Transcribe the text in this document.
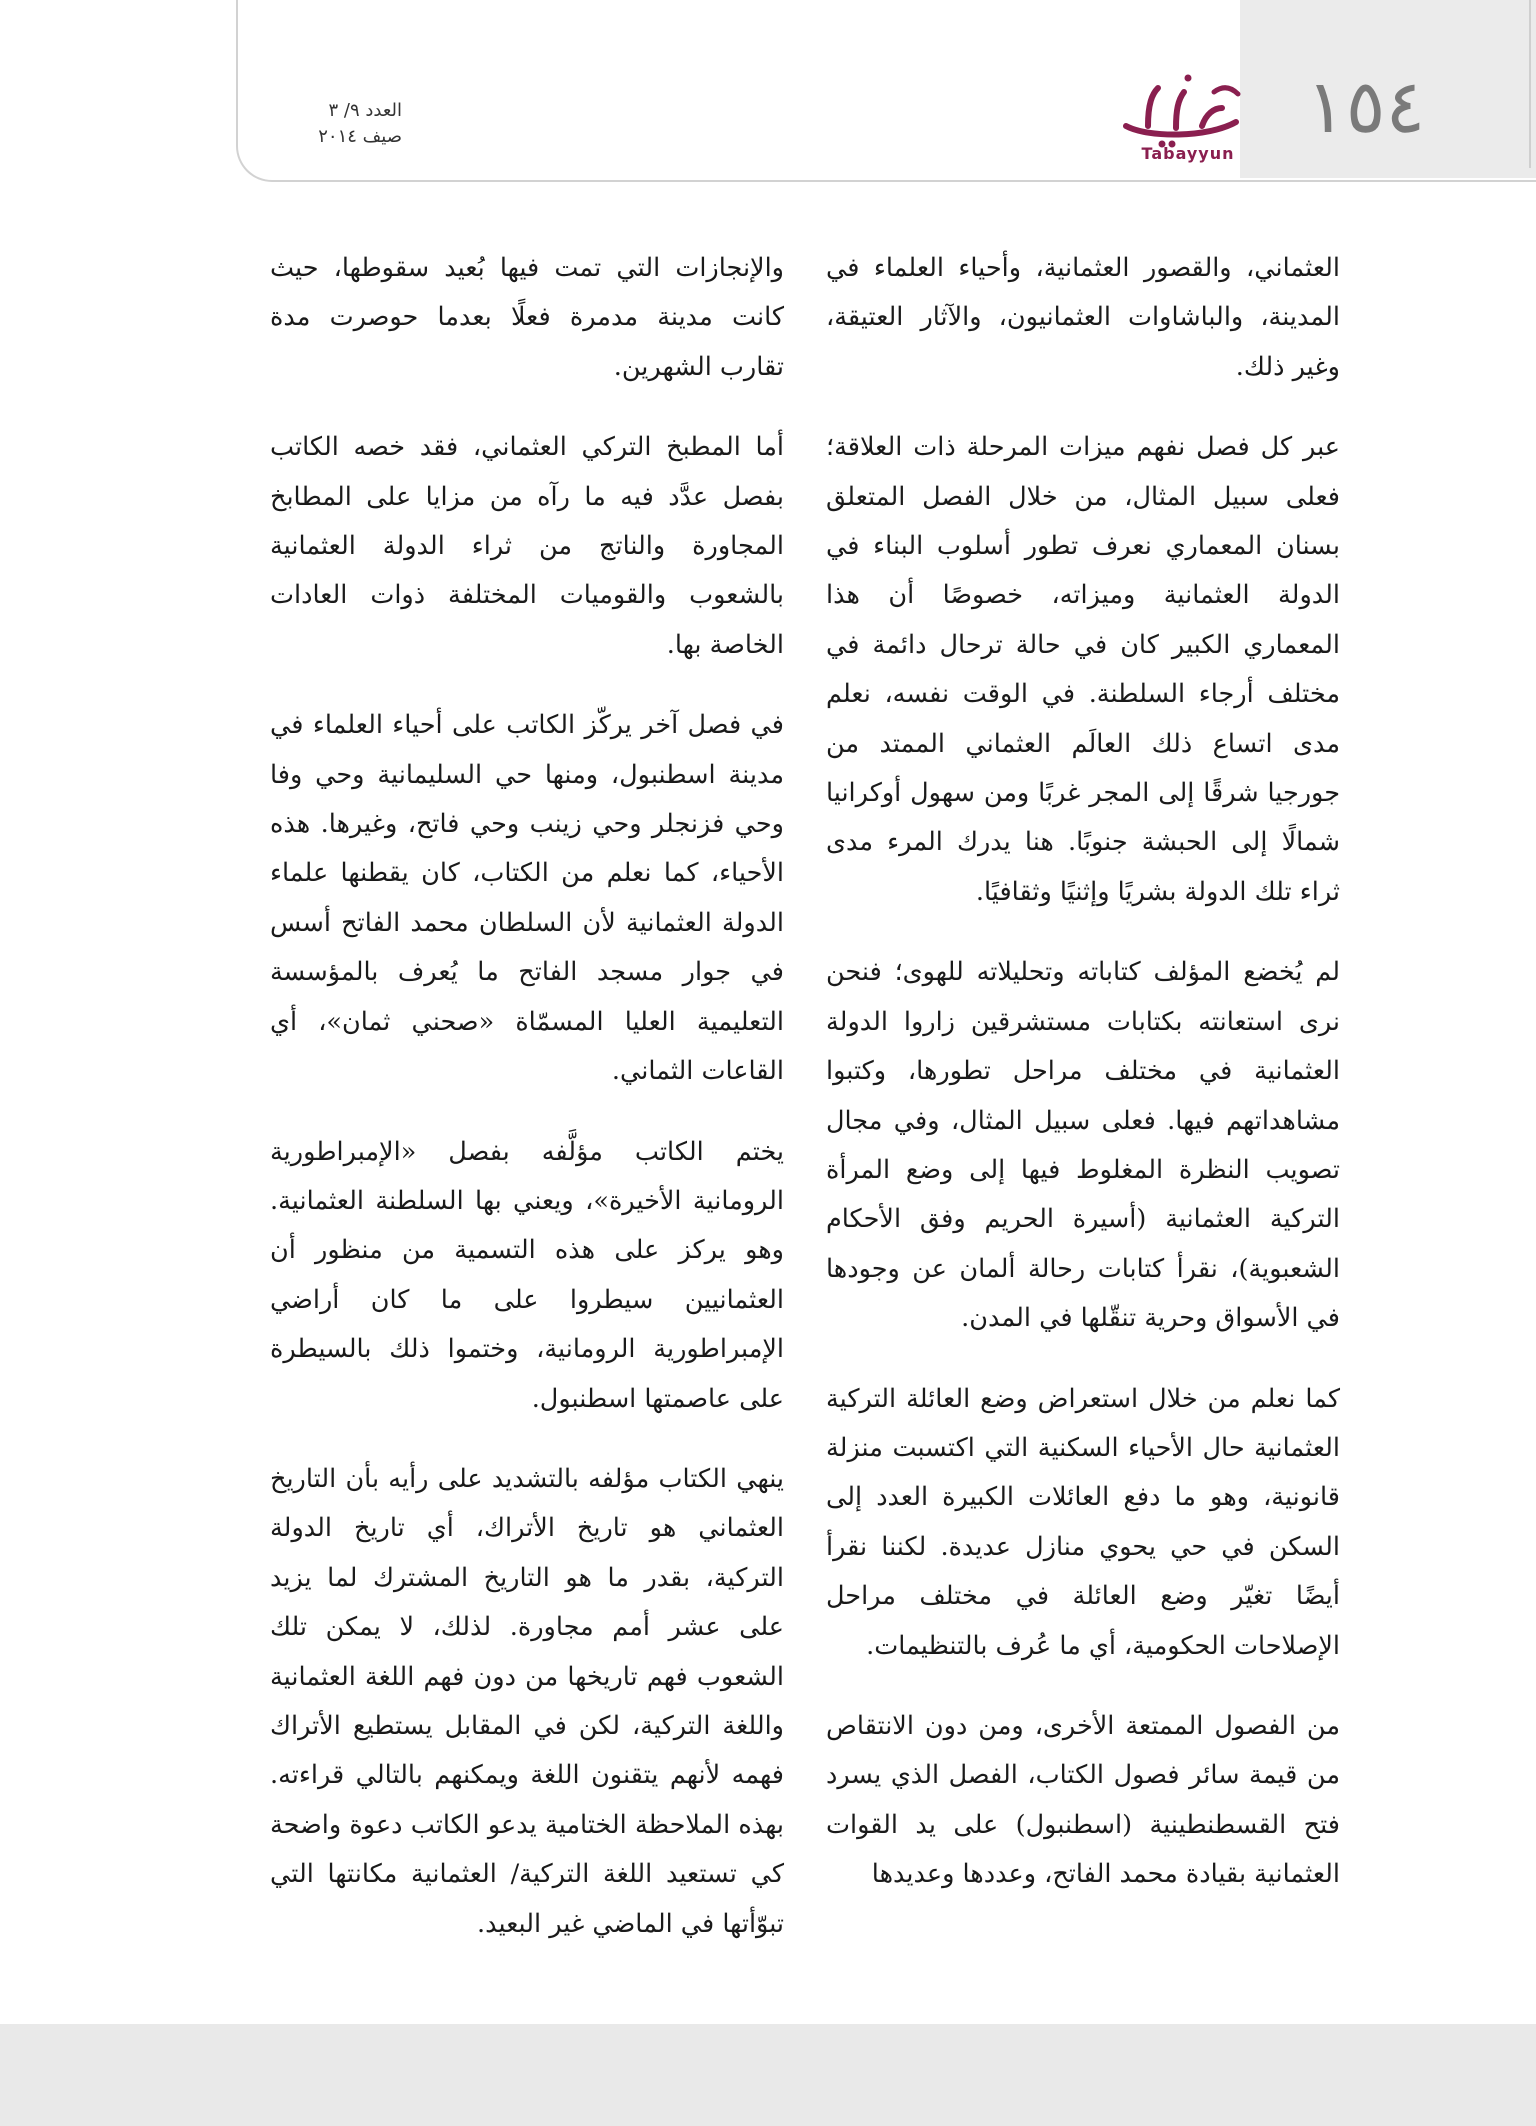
١٥٤
Tabayyun
العدد ٩/ ٣
صيف ٢٠١٤

العثماني، والقصور العثمانية، وأحياء العلماء في المدينة، والباشاوات العثمانيون، والآثار العتيقة، وغير ذلك.

عبر كل فصل نفهم ميزات المرحلة ذات العلاقة؛ فعلى سبيل المثال، من خلال الفصل المتعلق بسنان المعماري نعرف تطور أسلوب البناء في الدولة العثمانية وميزاته، خصوصًا أن هذا المعماري الكبير كان في حالة ترحال دائمة في مختلف أرجاء السلطنة. في الوقت نفسه، نعلم مدى اتساع ذلك العالَم العثماني الممتد من جورجيا شرقًا إلى المجر غربًا ومن سهول أوكرانيا شمالًا إلى الحبشة جنوبًا. هنا يدرك المرء مدى ثراء تلك الدولة بشريًا وإثنيًا وثقافيًا.

لم يُخضع المؤلف كتاباته وتحليلاته للهوى؛ فنحن نرى استعانته بكتابات مستشرقين زاروا الدولة العثمانية في مختلف مراحل تطورها، وكتبوا مشاهداتهم فيها. فعلى سبيل المثال، وفي مجال تصويب النظرة المغلوط فيها إلى وضع المرأة التركية العثمانية (أسيرة الحريم وفق الأحكام الشعبوية)، نقرأ كتابات رحالة ألمان عن وجودها في الأسواق وحرية تنقّلها في المدن.

كما نعلم من خلال استعراض وضع العائلة التركية العثمانية حال الأحياء السكنية التي اكتسبت منزلة قانونية، وهو ما دفع العائلات الكبيرة العدد إلى السكن في حي يحوي منازل عديدة. لكننا نقرأ أيضًا تغيّر وضع العائلة في مختلف مراحل الإصلاحات الحكومية، أي ما عُرف بالتنظيمات.

من الفصول الممتعة الأخرى، ومن دون الانتقاص من قيمة سائر فصول الكتاب، الفصل الذي يسرد فتح القسطنطينية (اسطنبول) على يد القوات العثمانية بقيادة محمد الفاتح، وعددها وعديدها

والإنجازات التي تمت فيها بُعيد سقوطها، حيث كانت مدينة مدمرة فعلًا بعدما حوصرت مدة تقارب الشهرين.

أما المطبخ التركي العثماني، فقد خصه الكاتب بفصل عدَّد فيه ما رآه من مزايا على المطابخ المجاورة والناتج من ثراء الدولة العثمانية بالشعوب والقوميات المختلفة ذوات العادات الخاصة بها.

في فصل آخر يركّز الكاتب على أحياء العلماء في مدينة اسطنبول، ومنها حي السليمانية وحي وفا وحي فزنجلر وحي زينب وحي فاتح، وغيرها. هذه الأحياء، كما نعلم من الكتاب، كان يقطنها علماء الدولة العثمانية لأن السلطان محمد الفاتح أسس في جوار مسجد الفاتح ما يُعرف بالمؤسسة التعليمية العليا المسمّاة «صحني ثمان»، أي القاعات الثماني.

يختم الكاتب مؤلَّفه بفصل «الإمبراطورية الرومانية الأخيرة»، ويعني بها السلطنة العثمانية. وهو يركز على هذه التسمية من منظور أن العثمانيين سيطروا على ما كان أراضي الإمبراطورية الرومانية، وختموا ذلك بالسيطرة على عاصمتها اسطنبول.

ينهي الكتاب مؤلفه بالتشديد على رأيه بأن التاريخ العثماني هو تاريخ الأتراك، أي تاريخ الدولة التركية، بقدر ما هو التاريخ المشترك لما يزيد على عشر أمم مجاورة. لذلك، لا يمكن تلك الشعوب فهم تاريخها من دون فهم اللغة العثمانية واللغة التركية، لكن في المقابل يستطيع الأتراك فهمه لأنهم يتقنون اللغة ويمكنهم بالتالي قراءته. بهذه الملاحظة الختامية يدعو الكاتب دعوة واضحة كي تستعيد اللغة التركية/ العثمانية مكانتها التي تبوّأتها في الماضي غير البعيد.
